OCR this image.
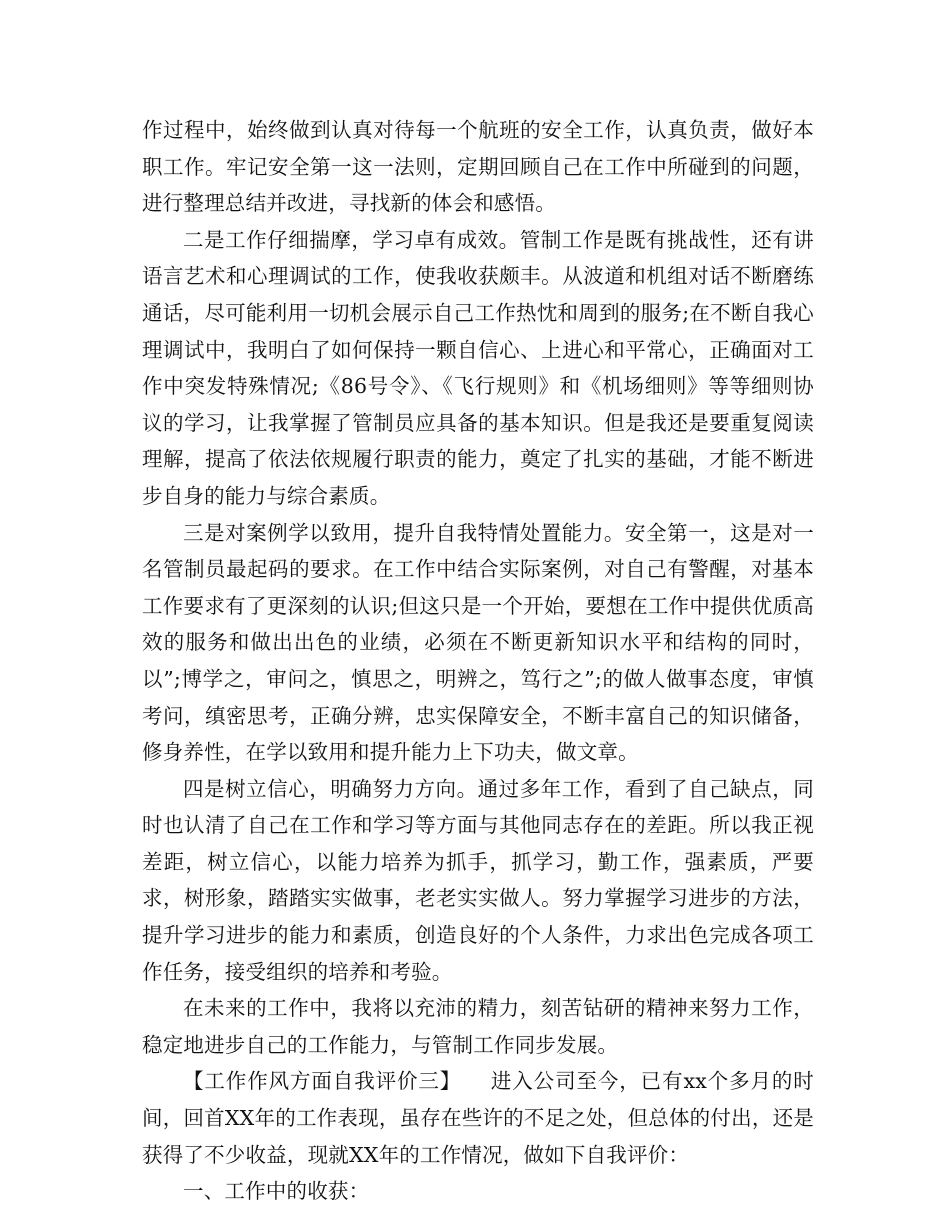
作过程中，始终做到认真对待每一个航班的安全工作，认真负责，做好本职工作。牢记安全第一这一法则，定期回顾自己在工作中所碰到的问题，进行整理总结并改进，寻找新的体会和感悟。

二是工作仔细揣摩，学习卓有成效。管制工作是既有挑战性，还有讲语言艺术和心理调试的工作，使我收获颇丰。从波道和机组对话不断磨练通话，尽可能利用一切机会展示自己工作热忱和周到的服务;在不断自我心理调试中，我明白了如何保持一颗自信心、上进心和平常心，正确面对工作中突发特殊情况;《86号令》、《飞行规则》和《机场细则》等等细则协议的学习，让我掌握了管制员应具备的基本知识。但是我还是要重复阅读理解，提高了依法依规履行职责的能力，奠定了扎实的基础，才能不断进步自身的能力与综合素质。

三是对案例学以致用，提升自我特情处置能力。安全第一，这是对一名管制员最起码的要求。在工作中结合实际案例，对自己有警醒，对基本工作要求有了更深刻的认识;但这只是一个开始，要想在工作中提供优质高效的服务和做出出色的业绩，必须在不断更新知识水平和结构的同时，以”;博学之，审问之，慎思之，明辨之，笃行之”;的做人做事态度，审慎考问，缜密思考，正确分辨，忠实保障安全，不断丰富自己的知识储备，修身养性，在学以致用和提升能力上下功夫，做文章。

四是树立信心，明确努力方向。通过多年工作，看到了自己缺点，同时也认清了自己在工作和学习等方面与其他同志存在的差距。所以我正视差距，树立信心，以能力培养为抓手，抓学习，勤工作，强素质，严要求，树形象，踏踏实实做事，老老实实做人。努力掌握学习进步的方法，提升学习进步的能力和素质，创造良好的个人条件，力求出色完成各项工作任务，接受组织的培养和考验。

在未来的工作中，我将以充沛的精力，刻苦钻研的精神来努力工作，稳定地进步自己的工作能力，与管制工作同步发展。

【工作作风方面自我评价三】 进入公司至今，已有xx个多月的时间，回首XX年的工作表现，虽存在些许的不足之处，但总体的付出，还是获得了不少收益，现就XX年的工作情况，做如下自我评价：

一、工作中的收获：
